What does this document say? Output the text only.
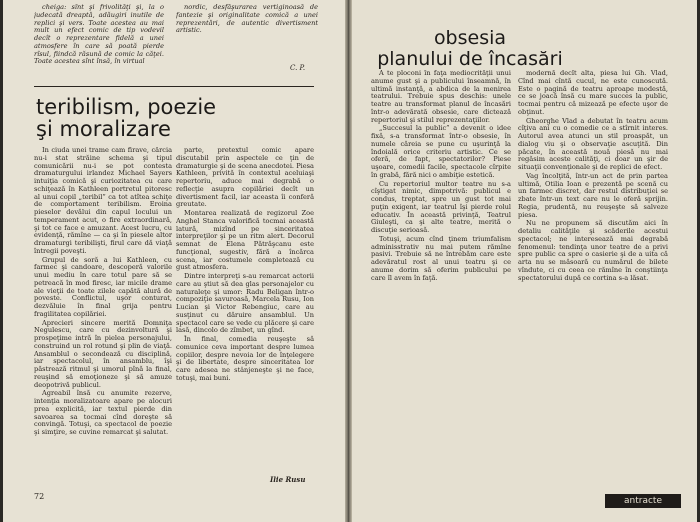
cheiga: sînt şi frivolităţi şi, la o judecată dreaptă, adăugiri inutile de replici şi vers. Toate acestea au mai mult un efect comic de tip vodevil decît o reprezentare fidelă a unei atmosfere în care să poată pierde rîsul, fiindcă răsună de comic la căţei. Toate acestea sînt însă, în virtual

nordic, desfăşurarea vertiginoasă de fantezie şi originalitate comică a unei reprezentări, de autentic divertisment artistic.

C. P.
teribilism, poezie
şi moralizare

În ciuda unei trame cam firave, cărcia nu-i stat străine schema şi tipul comunicării nu-i se pot contesta dramaturgului irlandez Michael Sayers intuiţia comică şi curiozitatea cu care schiţează în Kathleen portretul pitoresc al unui copil „teribil” ca tot atîtea schiţe de comportament teribilism. Eroina pieselor devălui din capul locului un temperament acut, o fire extraordinară, şi tot ce face e amuzant. Acest lucru, cu evidenţă, rămîne — ca şi în piesele altor dramaturgi teribilişti, firul care dă viaţă întregii poveşti.

Grupul de soră a lui Kathleen, cu farmec şi candoare, descoperă valorile unui mediu în care totul pare să se petreacă în mod firesc, iar micile drame ale vieţii de toate zilele capătă alură de poveste. Conflictul, uşor conturat, dezvăluie în final grija pentru fragilitatea copilăriei.

Aprecieri sincere merită Domniţa Negulescu, care cu dezinvoltură şi prospeţime intră în pielea personajului, construind un rol rotund şi plin de viaţă. Ansamblul o secondează cu disciplină, iar spectacolul, în ansamblu, îşi păstrează ritmul şi umorul pînă la final, reuşind să emoţioneze şi să amuze deopotrivă publicul.

Agreabil însă cu anumite rezerve, intenţia moralizatoare apare pe alocuri prea explicită, iar textul pierde din savoarea sa tocmai cînd doreşte să convingă. Totuşi, ca spectacol de poezie şi simţire, se cuvine remarcat şi salutat.

parte, pretextul comic apare discutabil prin aspectele ce ţin de dramaturgie şi de scena anecdotei. Piesa Kathleen, privită în contextul aceluiaşi repertoriu, aduce mai degrabă o reflecţie asupra copilăriei decît un divertisment facil, iar aceasta îi conferă greutate.

Montarea realizată de regizorul Zoe Anghel Stanca valorifică tocmai această latură, mizînd pe sinceritatea interpreţilor şi pe un ritm alert. Decorul semnat de Elena Pătrăşcanu este funcţional, sugestiv, fără a încărca scena, iar costumele completează cu gust atmosfera.

Dintre interpreţi s-au remarcat actorii care au ştiut să dea glas personajelor cu naturaleţe şi umor: Radu Beligan într-o compoziţie savuroasă, Marcela Rusu, Ion Lucian şi Victor Rebengiuc, care au susţinut cu dăruire ansamblul. Un spectacol care se vede cu plăcere şi care lasă, dincolo de zîmbet, un gînd.

În final, comedia reuşeşte să comunice ceva important despre lumea copiilor, despre nevoia lor de înţelegere şi de libertate, despre sinceritatea lor care adesea ne stânjeneşte şi ne face, totuşi, mai buni.

Ilie Rusu
72
obsesia
planului de încasări

A te ploconi în faţa mediocrităţii unui anume gust şi a publicului înseamnă, în ultimă instanţă, a abdica de la menirea teatrului. Trebuie spus deschis: unele teatre au transformat planul de încasări într-o adevărată obsesie, care dictează repertoriul şi stilul reprezentaţiilor.

„Succesul la public” a devenit o idee fixă, s-a transformat într-o obsesie, în numele căreia se pune cu uşurinţă la îndoială orice criteriu artistic. Ce se oferă, de fapt, spectatorilor? Piese uşoare, comedii facile, spectacole cîrpite în grabă, fără nici o ambiţie estetică.

Cu repertoriul multor teatre nu s-a cîştigat nimic, dimpotrivă: publicul e condus, treptat, spre un gust tot mai puţin exigent, iar teatrul îşi pierde rolul educativ. În această privinţă, Teatrul Giuleşti, ca şi alte teatre, merită o discuţie serioasă.

Totuşi, acum cînd ţinem triumfalism adminisstrativ nu mai putem rămîne pasivi. Trebuie să ne întrebăm care este adevăratul rost al unui teatru şi ce anume dorim să oferim publicului pe care îl avem în faţă.

modernă decît alta, piesa lui Gh. Vlad, Cînd mai cîntă cucul, ne este cunoscută. Este o pagină de teatru aproape modestă, ce se joacă însă cu mare succes la public, tocmai pentru că mizează pe efecte uşor de obţinut.

Gheorghe Vlad a debutat în teatru acum cîţiva ani cu o comedie ce a stîrnit interes. Autorul avea atunci un stil proaspăt, un dialog viu şi o observaţie ascuţită. Din păcate, în această nouă piesă nu mai regăsim aceste calităţi, ci doar un şir de situaţii convenţionale şi de replici de efect.

Vag încolţită, într-un act de prin partea ultimă, Otilia Ioan e prezentă pe scenă cu un farmec discret, dar restul distribuţiei se zbate într-un text care nu le oferă sprijin. Regia, prudentă, nu reuşeşte să salveze piesa.

Nu ne propunem să discutăm aici în detaliu calităţile şi scăderile acestui spectacol; ne interesează mai degrabă fenomenul: tendinţa unor teatre de a privi spre public ca spre o casierie şi de a uita că arta nu se măsoară cu numărul de bilete vîndute, ci cu ceea ce rămîne în conştiinţa spectatorului după ce cortina s-a lăsat.

antracte
